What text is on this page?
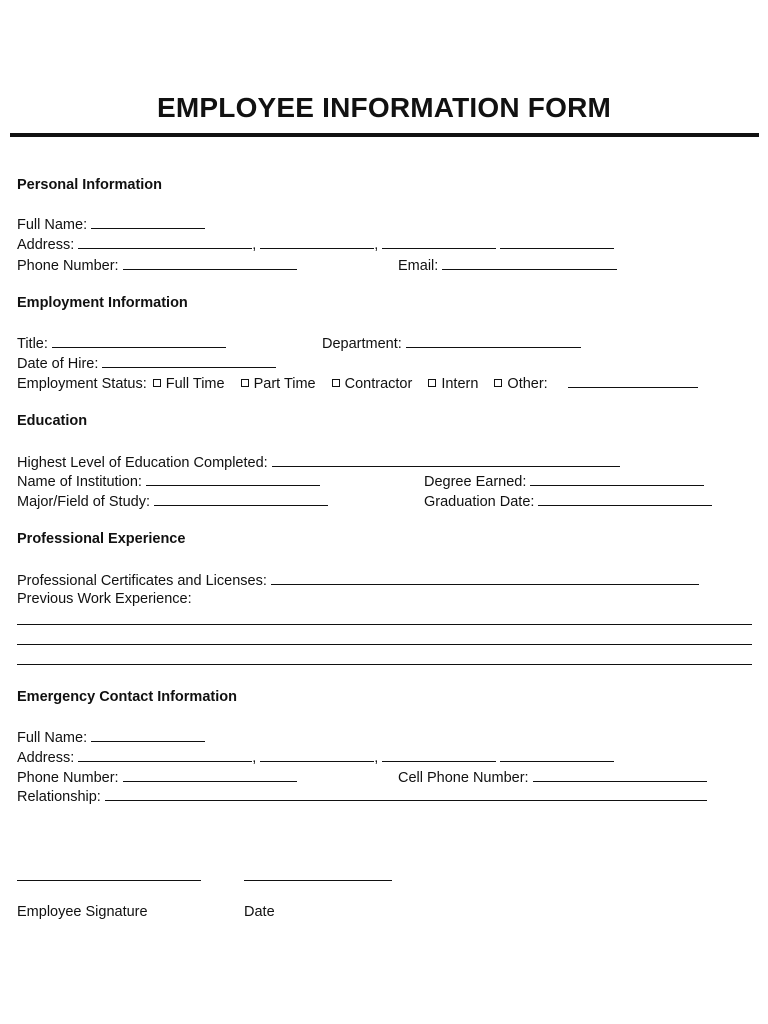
EMPLOYEE INFORMATION FORM
Personal Information
Full Name:
Address:	,	,
Phone Number:	Email:
Employment Information
Title:	Department:
Date of Hire:
Employment Status: Full Time Part Time Contractor Intern Other:
Education
Highest Level of Education Completed:
Name of Institution:	Degree Earned:
Major/Field of Study:	Graduation Date:
Professional Experience
Professional Certificates and Licenses:
Previous Work Experience:
Emergency Contact Information
Full Name:
Address:	,	,
Phone Number:	Cell Phone Number:
Relationship:
Employee Signature	Date
